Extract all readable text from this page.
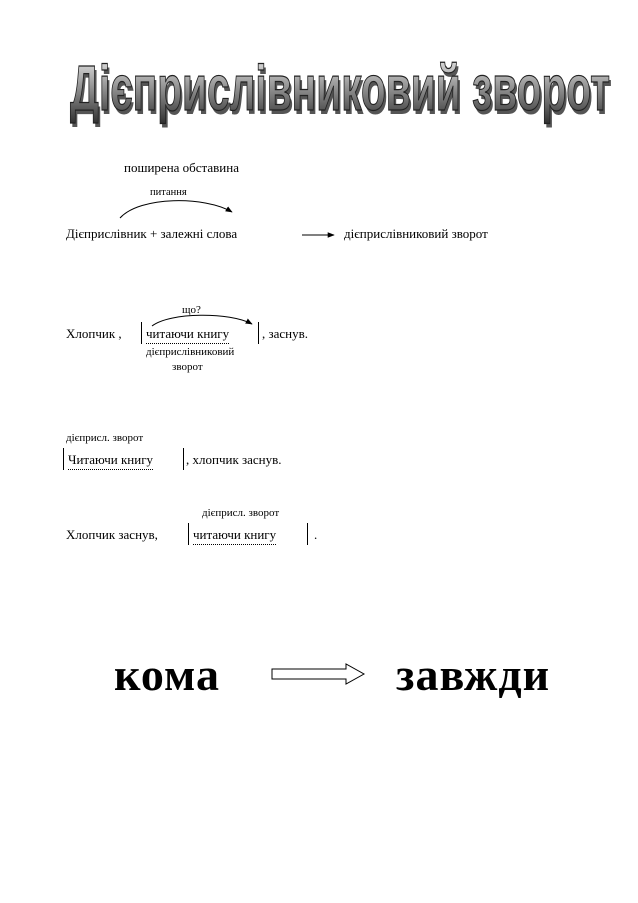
Дієприслівниковий зворот
Дієприслівниковий зворот
поширена обставина
питання
Дієприслівник + залежні слова	дієприслівниковий зворот
що?
Хлопчик , читаючи книгу	, заснув.
дієприслівниковий
зворот
дієприсл. зворот
Читаючи книгу	, хлопчик заснув.
дієприсл. зворот
Хлопчик заснув,	читаючи книгу	.
кома	завжди
